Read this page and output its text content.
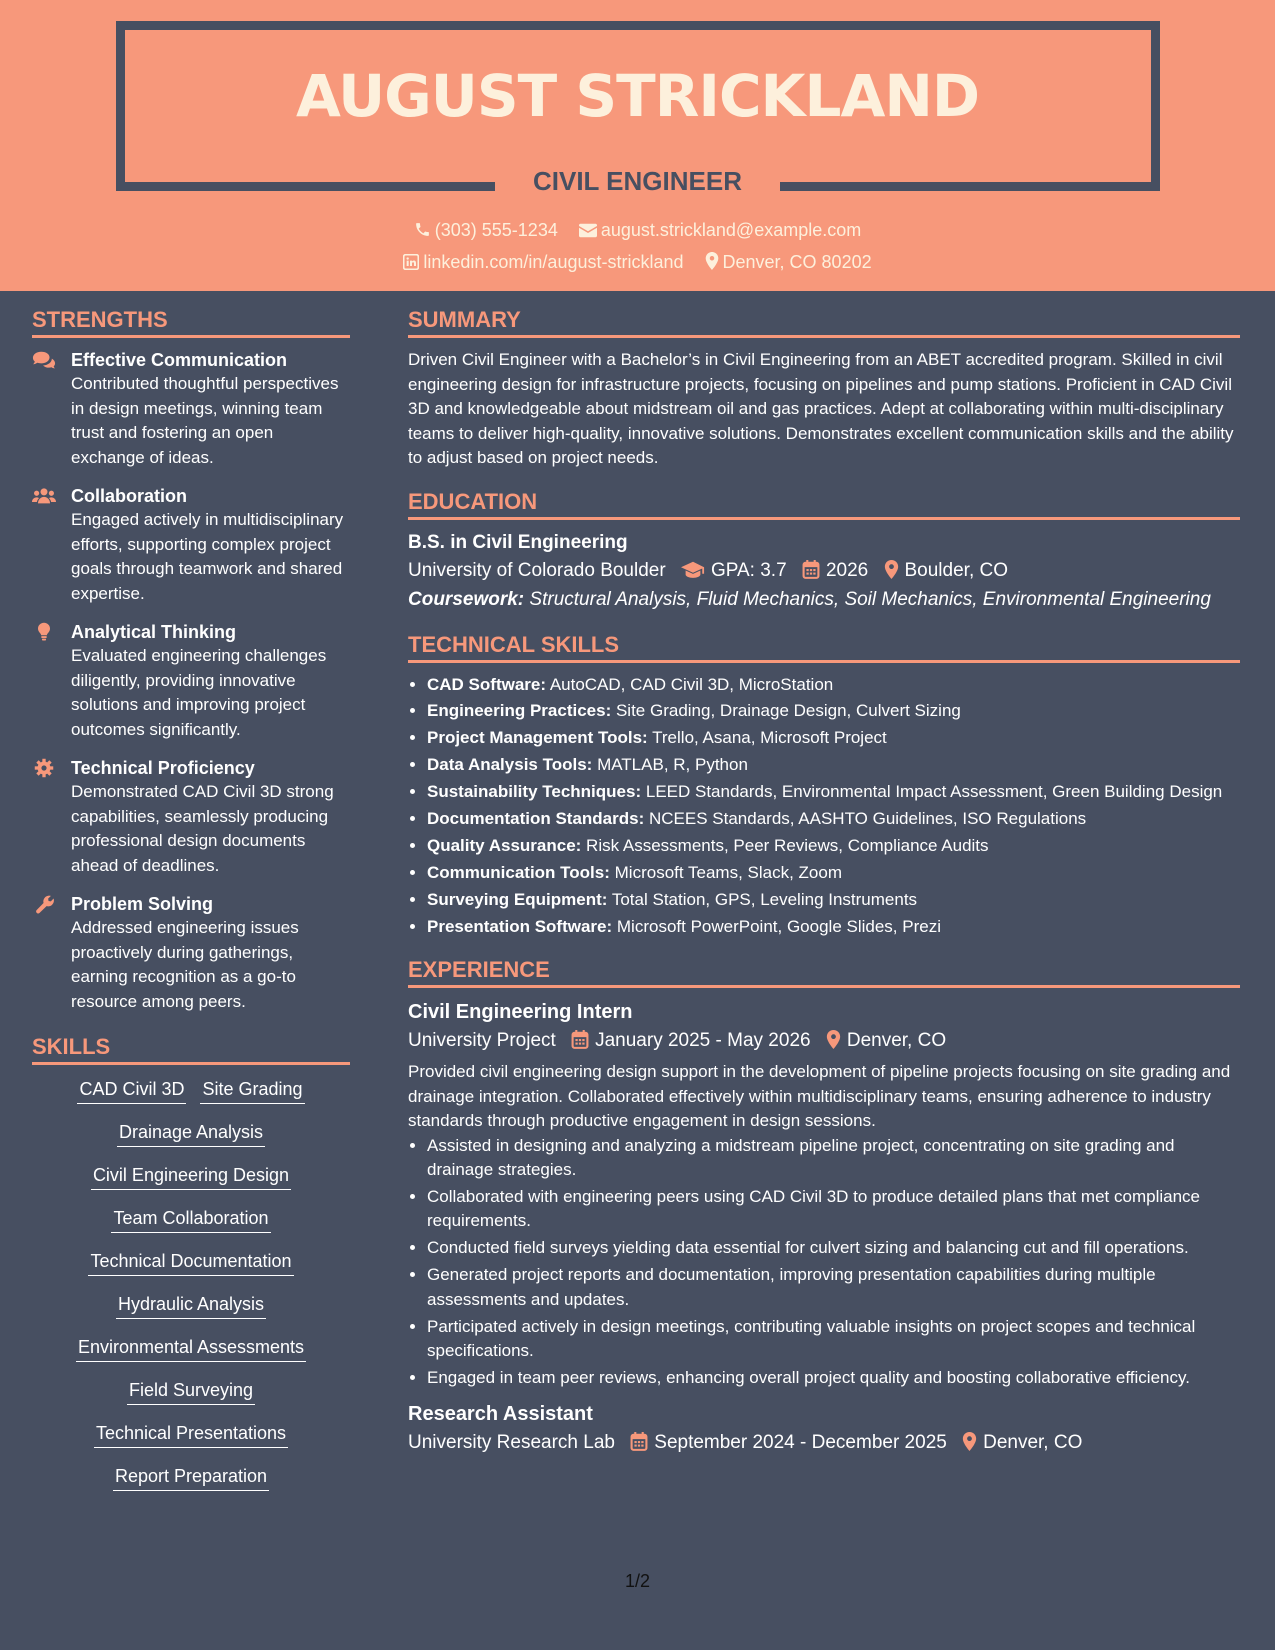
AUGUST STRICKLAND
CIVIL ENGINEER
(303) 555-1234 august.strickland@example.com
linkedin.com/in/august-strickland Denver, CO 80202
STRENGTHS
Effective Communication
Contributed thoughtful perspectives in design meetings, winning team trust and fostering an open exchange of ideas.
Collaboration
Engaged actively in multidisciplinary efforts, supporting complex project goals through teamwork and shared expertise.
Analytical Thinking
Evaluated engineering challenges diligently, providing innovative solutions and improving project outcomes significantly.
Technical Proficiency
Demonstrated CAD Civil 3D strong capabilities, seamlessly producing professional design documents ahead of deadlines.
Problem Solving
Addressed engineering issues proactively during gatherings, earning recognition as a go-to resource among peers.
SKILLS
CAD Civil 3D Site Grading
Drainage Analysis
Civil Engineering Design
Team Collaboration
Technical Documentation
Hydraulic Analysis
Environmental Assessments
Field Surveying
Technical Presentations
Report Preparation
SUMMARY
Driven Civil Engineer with a Bachelor’s in Civil Engineering from an ABET accredited program. Skilled in civil engineering design for infrastructure projects, focusing on pipelines and pump stations. Proficient in CAD Civil 3D and knowledgeable about midstream oil and gas practices. Adept at collaborating within multi-disciplinary teams to deliver high-quality, innovative solutions. Demonstrates excellent communication skills and the ability to adjust based on project needs.
EDUCATION
B.S. in Civil Engineering
University of Colorado Boulder GPA: 3.7 2026 Boulder, CO
Coursework: Structural Analysis, Fluid Mechanics, Soil Mechanics, Environmental Engineering
TECHNICAL SKILLS
• CAD Software: AutoCAD, CAD Civil 3D, MicroStation
• Engineering Practices: Site Grading, Drainage Design, Culvert Sizing
• Project Management Tools: Trello, Asana, Microsoft Project
• Data Analysis Tools: MATLAB, R, Python
• Sustainability Techniques: LEED Standards, Environmental Impact Assessment, Green Building Design
• Documentation Standards: NCEES Standards, AASHTO Guidelines, ISO Regulations
• Quality Assurance: Risk Assessments, Peer Reviews, Compliance Audits
• Communication Tools: Microsoft Teams, Slack, Zoom
• Surveying Equipment: Total Station, GPS, Leveling Instruments
• Presentation Software: Microsoft PowerPoint, Google Slides, Prezi
EXPERIENCE
Civil Engineering Intern
University Project January 2025 - May 2026 Denver, CO
Provided civil engineering design support in the development of pipeline projects focusing on site grading and drainage integration. Collaborated effectively within multidisciplinary teams, ensuring adherence to industry standards through productive engagement in design sessions.
• Assisted in designing and analyzing a midstream pipeline project, concentrating on site grading and drainage strategies.
• Collaborated with engineering peers using CAD Civil 3D to produce detailed plans that met compliance requirements.
• Conducted field surveys yielding data essential for culvert sizing and balancing cut and fill operations.
• Generated project reports and documentation, improving presentation capabilities during multiple assessments and updates.
• Participated actively in design meetings, contributing valuable insights on project scopes and technical specifications.
• Engaged in team peer reviews, enhancing overall project quality and boosting collaborative efficiency.
Research Assistant
University Research Lab September 2024 - December 2025 Denver, CO
1/2
